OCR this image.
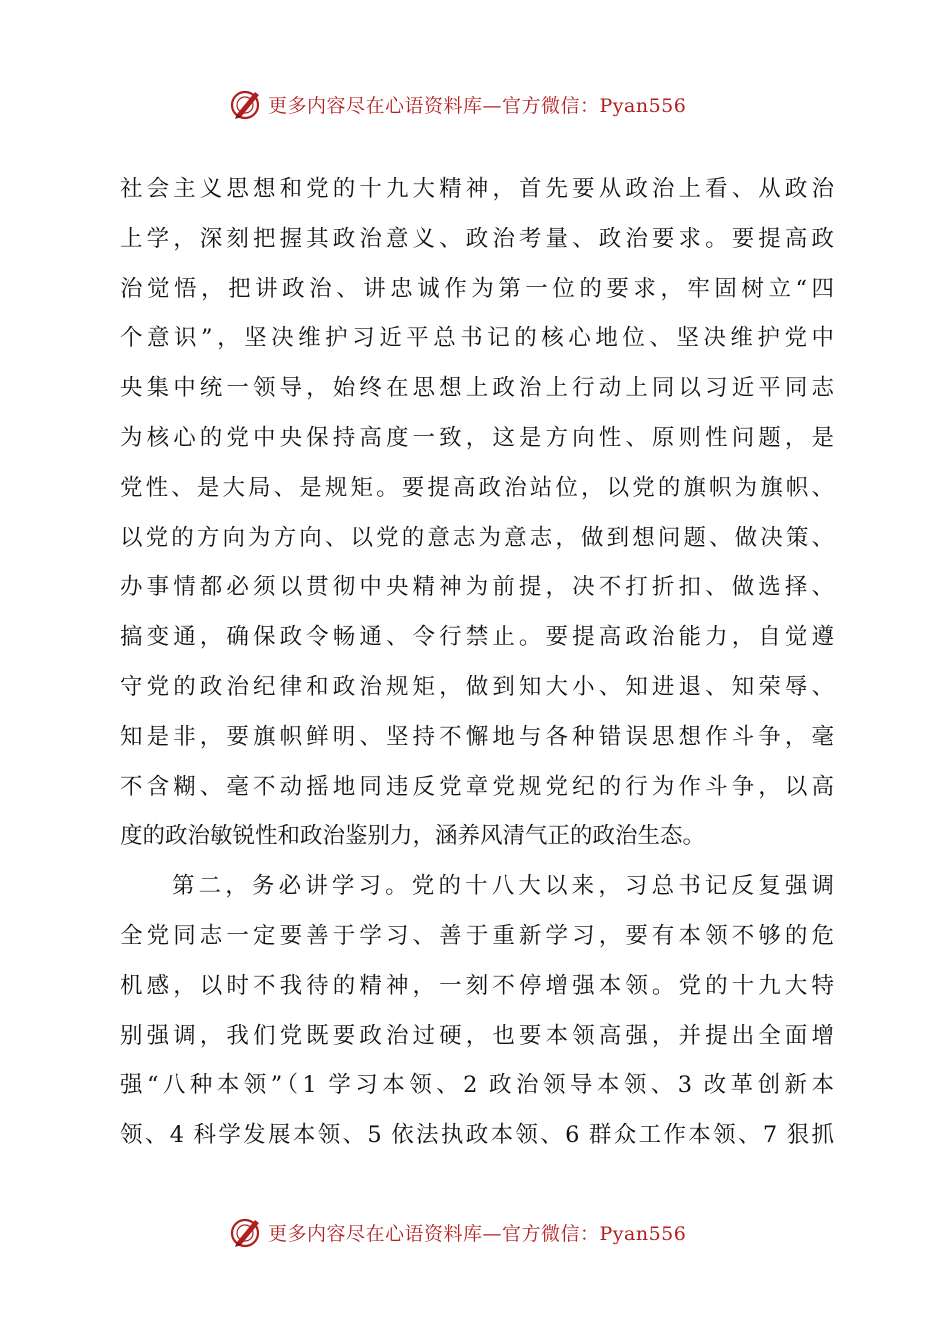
更多内容尽在心语资料库—官方微信：Pyan556
社会主义思想和党的十九大精神，首先要从政治上看、从政治
上学，深刻把握其政治意义、政治考量、政治要求。要提高政
治觉悟，把讲政治、讲忠诚作为第一位的要求，牢固树立“四
个意识”，坚决维护习近平总书记的核心地位、坚决维护党中
央集中统一领导，始终在思想上政治上行动上同以习近平同志
为核心的党中央保持高度一致，这是方向性、原则性问题，是
党性、是大局、是规矩。要提高政治站位，以党的旗帜为旗帜、
以党的方向为方向、以党的意志为意志，做到想问题、做决策、
办事情都必须以贯彻中央精神为前提，决不打折扣、做选择、
搞变通，确保政令畅通、令行禁止。要提高政治能力，自觉遵
守党的政治纪律和政治规矩，做到知大小、知进退、知荣辱、
知是非，要旗帜鲜明、坚持不懈地与各种错误思想作斗争，毫
不含糊、毫不动摇地同违反党章党规党纪的行为作斗争，以高
度的政治敏锐性和政治鉴别力，涵养风清气正的政治生态。
第二，务必讲学习。党的十八大以来，习总书记反复强调
全党同志一定要善于学习、善于重新学习，要有本领不够的危
机感，以时不我待的精神，一刻不停增强本领。党的十九大特
别强调，我们党既要政治过硬，也要本领高强，并提出全面增
强“八种本领”（1 学习本领、2 政治领导本领、3 改革创新本
领、4 科学发展本领、5 依法执政本领、6 群众工作本领、7 狠抓
更多内容尽在心语资料库—官方微信：Pyan556
